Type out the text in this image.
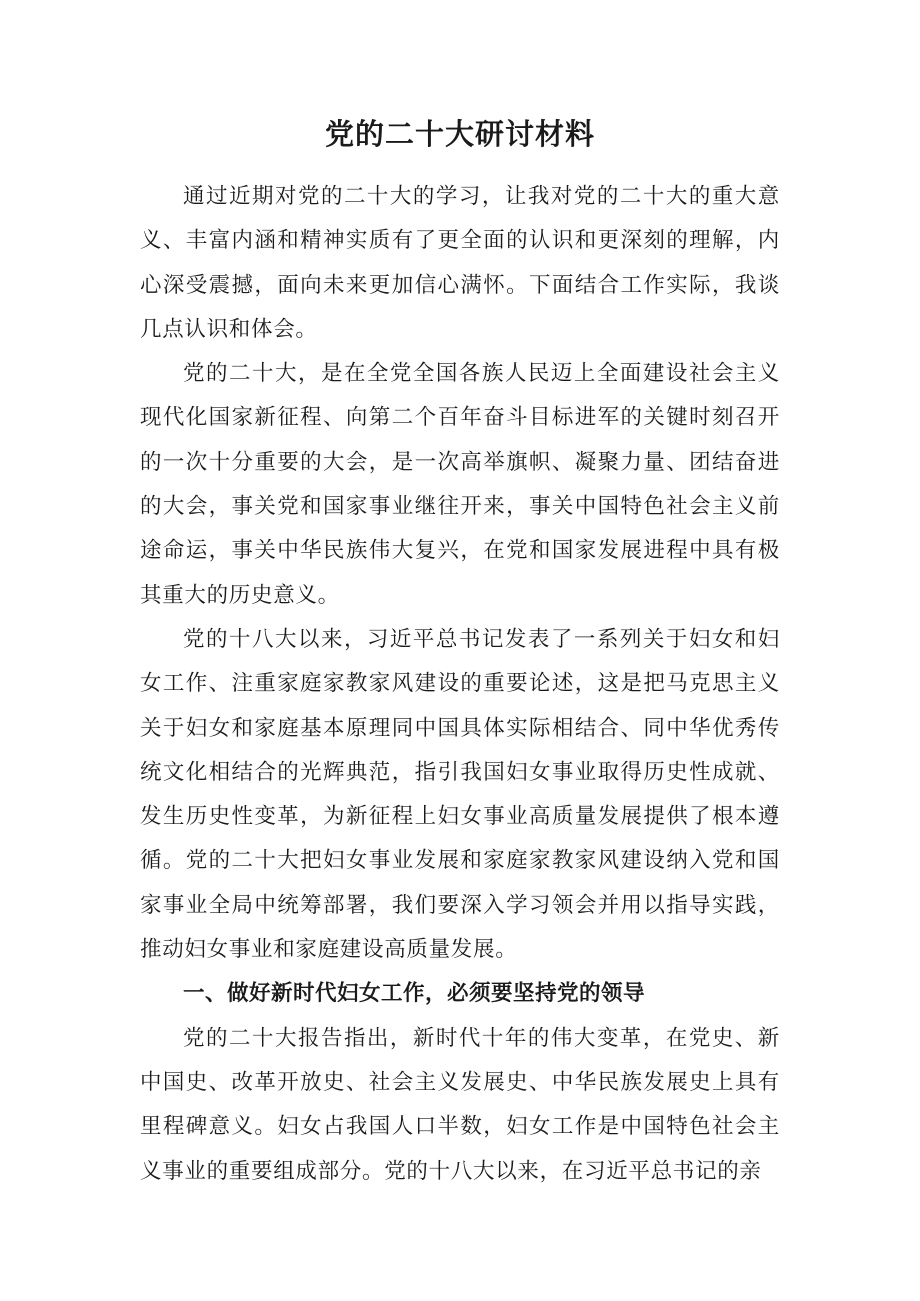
党的二十大研讨材料

通过近期对党的二十大的学习，让我对党的二十大的重大意义、丰富内涵和精神实质有了更全面的认识和更深刻的理解，内心深受震撼，面向未来更加信心满怀。下面结合工作实际，我谈几点认识和体会。

党的二十大，是在全党全国各族人民迈上全面建设社会主义现代化国家新征程、向第二个百年奋斗目标进军的关键时刻召开的一次十分重要的大会，是一次高举旗帜、凝聚力量、团结奋进的大会，事关党和国家事业继往开来，事关中国特色社会主义前途命运，事关中华民族伟大复兴，在党和国家发展进程中具有极其重大的历史意义。

党的十八大以来，习近平总书记发表了一系列关于妇女和妇女工作、注重家庭家教家风建设的重要论述，这是把马克思主义关于妇女和家庭基本原理同中国具体实际相结合、同中华优秀传统文化相结合的光辉典范，指引我国妇女事业取得历史性成就、发生历史性变革，为新征程上妇女事业高质量发展提供了根本遵循。党的二十大把妇女事业发展和家庭家教家风建设纳入党和国家事业全局中统筹部署，我们要深入学习领会并用以指导实践，推动妇女事业和家庭建设高质量发展。

一、做好新时代妇女工作，必须要坚持党的领导

党的二十大报告指出，新时代十年的伟大变革，在党史、新中国史、改革开放史、社会主义发展史、中华民族发展史上具有里程碑意义。妇女占我国人口半数，妇女工作是中国特色社会主义事业的重要组成部分。党的十八大以来，在习近平总书记的亲
